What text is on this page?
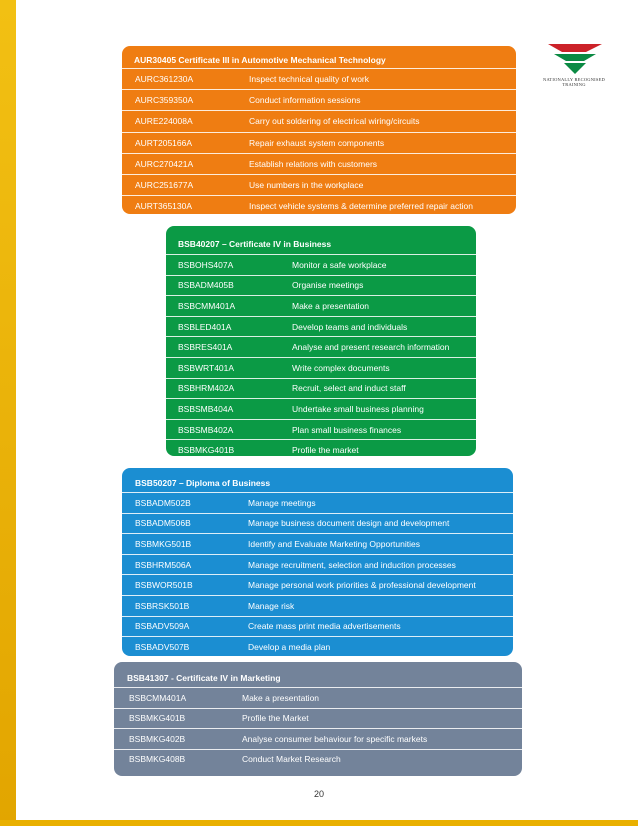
NATIONALLY RECOGNISED TRAINING
AUR30405 Certificate III in Automotive Mechanical Technology
AURC361230A	Inspect technical quality of work
AURC359350A	Conduct information sessions
AURE224008A	Carry out soldering of electrical wiring/circuits
AURT205166A	Repair exhaust system components
AURC270421A	Establish relations with customers
AURC251677A	Use numbers in the workplace
AURT365130A	Inspect vehicle systems & determine preferred repair action
BSB40207 – Certificate IV in Business
BSBOHS407A	Monitor a safe workplace
BSBADM405B	Organise meetings
BSBCMM401A	Make a presentation
BSBLED401A	Develop teams and individuals
BSBRES401A	Analyse and present research information
BSBWRT401A	Write complex documents
BSBHRM402A	Recruit, select and induct staff
BSBSMB404A	Undertake small business planning
BSBSMB402A	Plan small business finances
BSBMKG401B	Profile the market
BSB50207 – Diploma of Business
BSBADM502B	Manage meetings
BSBADM506B	Manage business document design and development
BSBMKG501B	Identify and Evaluate Marketing Opportunities
BSBHRM506A	Manage recruitment, selection and induction processes
BSBWOR501B	Manage personal work priorities & professional development
BSBRSK501B	Manage risk
BSBADV509A	Create mass print media advertisements
BSBADV507B	Develop a media plan
BSB41307 - Certificate IV in Marketing
BSBCMM401A	Make a presentation
BSBMKG401B	Profile the Market
BSBMKG402B	Analyse consumer behaviour for specific markets
BSBMKG408B	Conduct Market Research
20
